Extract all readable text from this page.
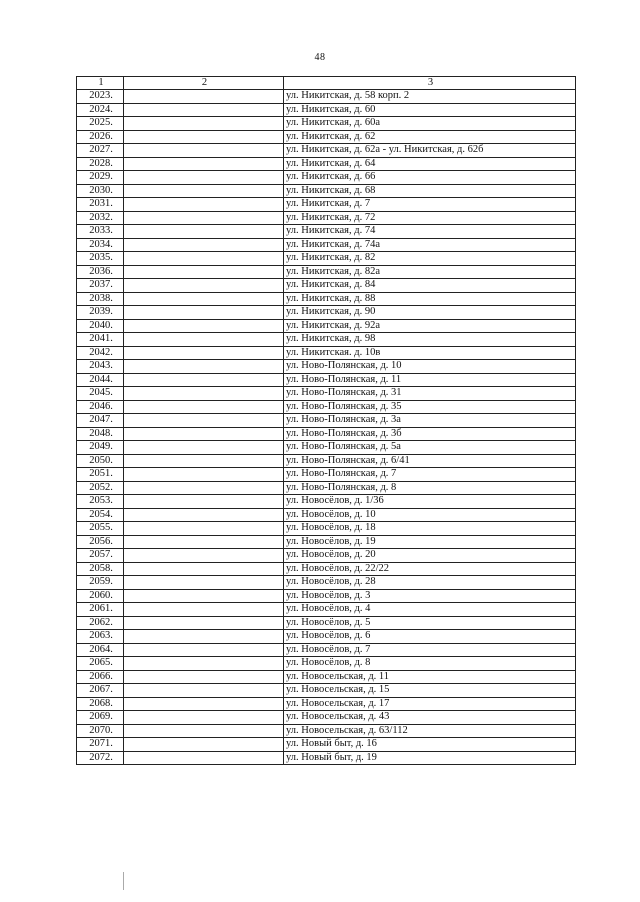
48
1	2	3
2023.		ул. Никитская, д. 58 корп. 2
2024.		ул. Никитская, д. 60
2025.		ул. Никитская, д. 60а
2026.		ул. Никитская, д. 62
2027.		ул. Никитская, д. 62а - ул. Никитская, д. 62б
2028.		ул. Никитская, д. 64
2029.		ул. Никитская, д. 66
2030.		ул. Никитская, д. 68
2031.		ул. Никитская, д. 7
2032.		ул. Никитская, д. 72
2033.		ул. Никитская, д. 74
2034.		ул. Никитская, д. 74а
2035.		ул. Никитская, д. 82
2036.		ул. Никитская, д. 82а
2037.		ул. Никитская, д. 84
2038.		ул. Никитская, д. 88
2039.		ул. Никитская, д. 90
2040.		ул. Никитская, д. 92а
2041.		ул. Никитская, д. 98
2042.		ул. Никитская. д. 10в
2043.		ул. Ново-Полянская, д. 10
2044.		ул. Ново-Полянская, д. 11
2045.		ул. Ново-Полянская, д. 31
2046.		ул. Ново-Полянская, д. 35
2047.		ул. Ново-Полянская, д. 3а
2048.		ул. Ново-Полянская, д. 3б
2049.		ул. Ново-Полянская, д. 5а
2050.		ул. Ново-Полянская, д. 6/41
2051.		ул. Ново-Полянская, д. 7
2052.		ул. Ново-Полянская, д. 8
2053.		ул. Новосёлов, д. 1/36
2054.		ул. Новосёлов, д. 10
2055.		ул. Новосёлов, д. 18
2056.		ул. Новосёлов, д. 19
2057.		ул. Новосёлов, д. 20
2058.		ул. Новосёлов, д. 22/22
2059.		ул. Новосёлов, д. 28
2060.		ул. Новосёлов, д. 3
2061.		ул. Новосёлов, д. 4
2062.		ул. Новосёлов, д. 5
2063.		ул. Новосёлов, д. 6
2064.		ул. Новосёлов, д. 7
2065.		ул. Новосёлов, д. 8
2066.		ул. Новосельская, д. 11
2067.		ул. Новосельская, д. 15
2068.		ул. Новосельская, д. 17
2069.		ул. Новосельская, д. 43
2070.		ул. Новосельская, д. 63/112
2071.		ул. Новый быт, д. 16
2072.		ул. Новый быт, д. 19
